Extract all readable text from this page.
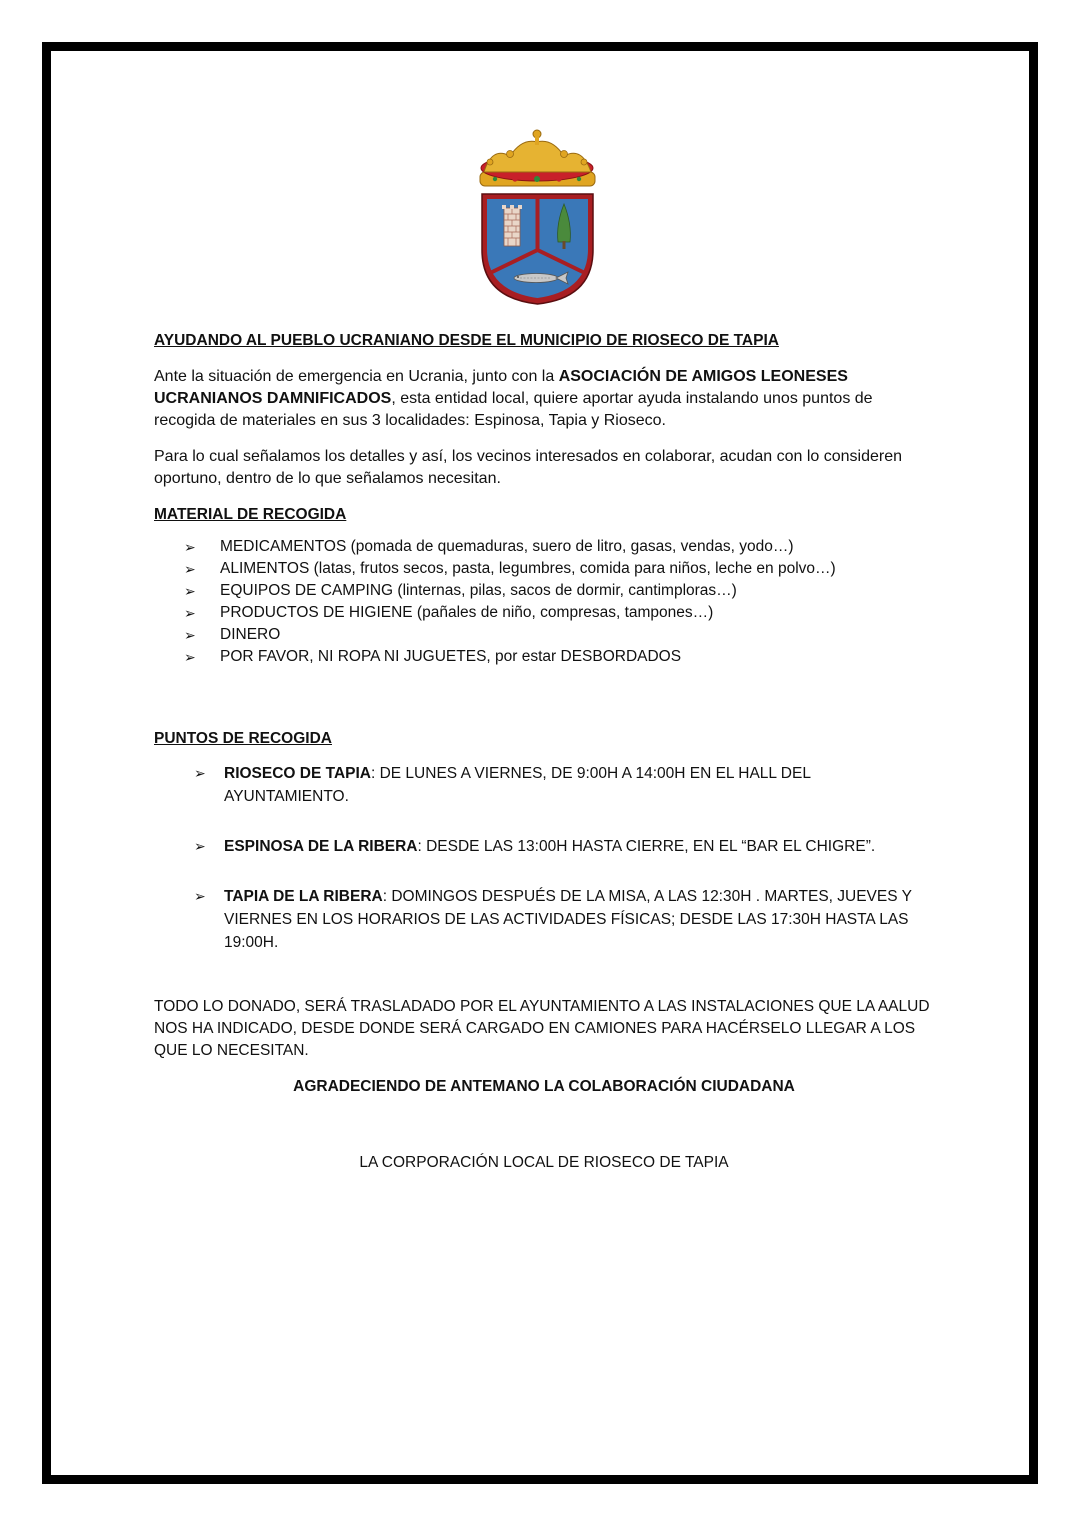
AYUDANDO AL PUEBLO UCRANIANO DESDE EL MUNICIPIO DE RIOSECO DE TAPIA

Ante la situación de emergencia en Ucrania, junto con la ASOCIACIÓN DE AMIGOS LEONESES UCRANIANOS DAMNIFICADOS, esta entidad local, quiere aportar ayuda instalando unos puntos de recogida de materiales en sus 3 localidades: Espinosa, Tapia y Rioseco.

Para lo cual señalamos los detalles y así, los vecinos interesados en colaborar, acudan con lo consideren oportuno, dentro de lo que señalamos necesitan.

MATERIAL DE RECOGIDA
➢ MEDICAMENTOS (pomada de quemaduras, suero de litro, gasas, vendas, yodo…)
➢ ALIMENTOS (latas, frutos secos, pasta, legumbres, comida para niños, leche en polvo…)
➢ EQUIPOS DE CAMPING (linternas, pilas, sacos de dormir, cantimploras…)
➢ PRODUCTOS DE HIGIENE (pañales de niño, compresas, tampones…)
➢ DINERO
➢ POR FAVOR, NI ROPA NI JUGUETES, por estar DESBORDADOS
PUNTOS DE RECOGIDA
➢ RIOSECO DE TAPIA: DE LUNES A VIERNES, DE 9:00H A 14:00H EN EL HALL DEL AYUNTAMIENTO.
➢ ESPINOSA DE LA RIBERA: DESDE LAS 13:00H HASTA CIERRE, EN EL “BAR EL CHIGRE”.
➢ TAPIA DE LA RIBERA: DOMINGOS DESPUÉS DE LA MISA, A LAS 12:30H . MARTES, JUEVES Y VIERNES EN LOS HORARIOS DE LAS ACTIVIDADES FÍSICAS; DESDE LAS 17:30H HASTA LAS 19:00H.

TODO LO DONADO, SERÁ TRASLADADO POR EL AYUNTAMIENTO A LAS INSTALACIONES QUE LA AALUD NOS HA INDICADO, DESDE DONDE SERÁ CARGADO EN CAMIONES PARA HACÉRSELO LLEGAR A LOS QUE LO NECESITAN.

AGRADECIENDO DE ANTEMANO LA COLABORACIÓN CIUDADANA
LA CORPORACIÓN LOCAL DE RIOSECO DE TAPIA
